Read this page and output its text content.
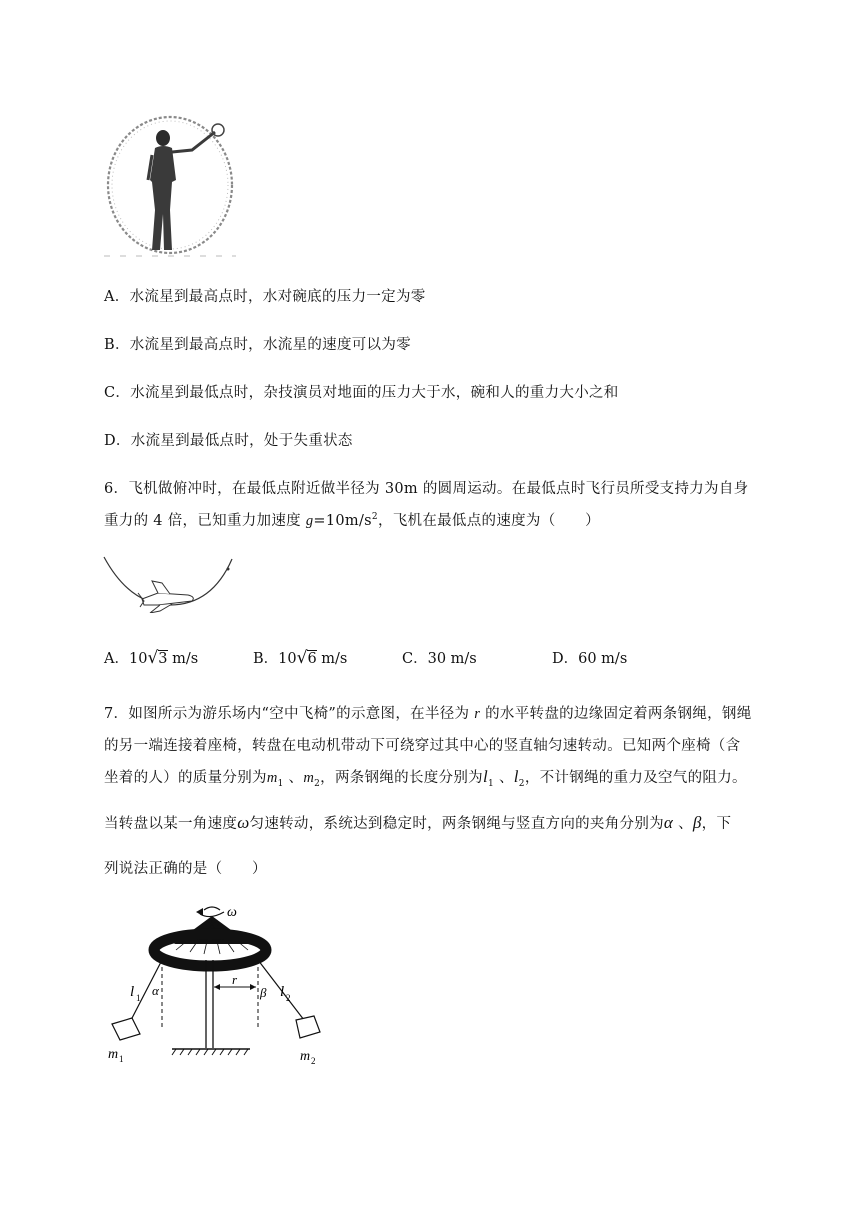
A．水流星到最高点时，水对碗底的压力一定为零
B．水流星到最高点时，水流星的速度可以为零
C．水流星到最低点时，杂技演员对地面的压力大于水，碗和人的重力大小之和
D．水流星到最低点时，处于失重状态
6．飞机做俯冲时，在最低点附近做半径为 30m 的圆周运动。在最低点时飞行员所受支持力为自身
重力的 4 倍，已知重力加速度 $g=10m/s^2$，飞机在最低点的速度为（　　）
A．10√3 m/s	B．10√6 m/s	C．30 m/s	D．60 m/s
7．如图所示为游乐场内“空中飞椅”的示意图，在半径为 r 的水平转盘的边缘固定着两条钢绳，钢绳
的另一端连接着座椅，转盘在电动机带动下可绕穿过其中心的竖直轴匀速转动。已知两个座椅（含
坐着的人）的质量分别为$m_1$ 、$m_2$，两条钢绳的长度分别为$l_1$ 、$l_2$，不计钢绳的重力及空气的阻力。
当转盘以某一角速度ω匀速转动，系统达到稳定时，两条钢绳与竖直方向的夹角分别为α 、β，下
列说法正确的是（　　）
ω
r
l 1 α
m 1
β l 2
m 2
